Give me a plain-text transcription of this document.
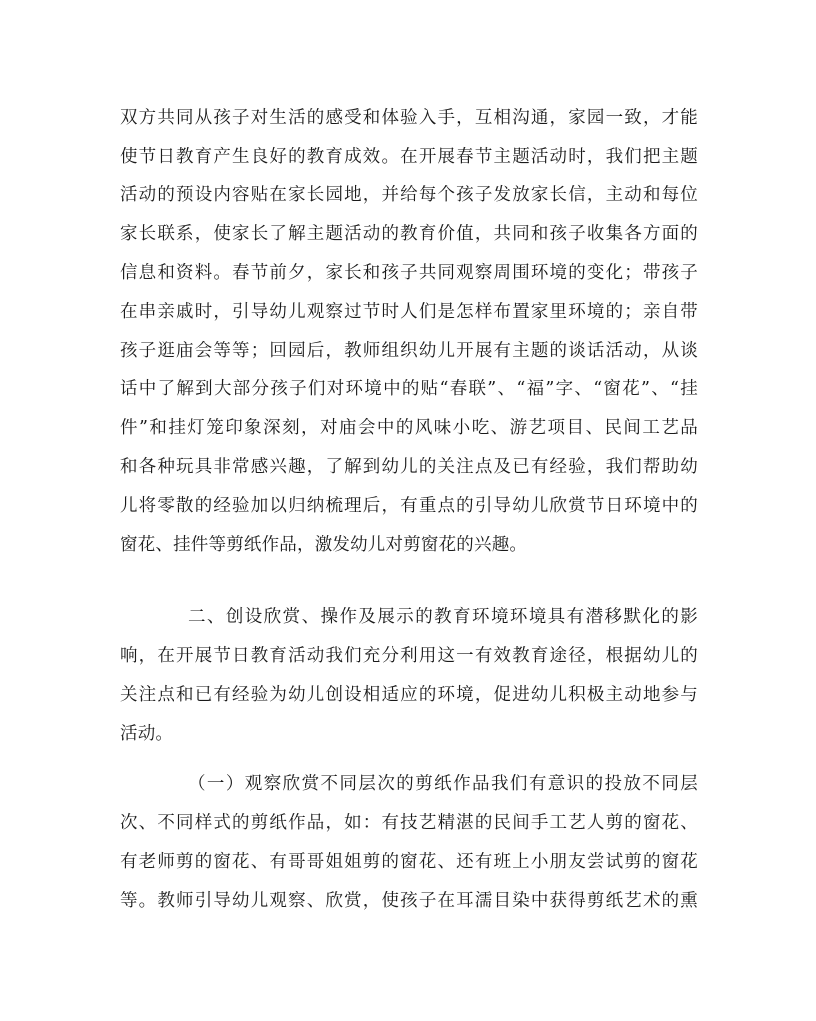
双方共同从孩子对生活的感受和体验入手，互相沟通，家园一致，才能
使节日教育产生良好的教育成效。在开展春节主题活动时，我们把主题
活动的预设内容贴在家长园地，并给每个孩子发放家长信，主动和每位
家长联系，使家长了解主题活动的教育价值，共同和孩子收集各方面的
信息和资料。春节前夕，家长和孩子共同观察周围环境的变化；带孩子
在串亲戚时，引导幼儿观察过节时人们是怎样布置家里环境的；亲自带
孩子逛庙会等等；回园后，教师组织幼儿开展有主题的谈话活动，从谈
话中了解到大部分孩子们对环境中的贴“春联”、“福”字、“窗花”、“挂
件”和挂灯笼印象深刻，对庙会中的风味小吃、游艺项目、民间工艺品
和各种玩具非常感兴趣，了解到幼儿的关注点及已有经验，我们帮助幼
儿将零散的经验加以归纳梳理后，有重点的引导幼儿欣赏节日环境中的
窗花、挂件等剪纸作品，激发幼儿对剪窗花的兴趣。
二、创设欣赏、操作及展示的教育环境环境具有潜移默化的影
响，在开展节日教育活动我们充分利用这一有效教育途径，根据幼儿的
关注点和已有经验为幼儿创设相适应的环境，促进幼儿积极主动地参与
活动。
（一）观察欣赏不同层次的剪纸作品我们有意识的投放不同层
次、不同样式的剪纸作品，如：有技艺精湛的民间手工艺人剪的窗花、
有老师剪的窗花、有哥哥姐姐剪的窗花、还有班上小朋友尝试剪的窗花
等。教师引导幼儿观察、欣赏，使孩子在耳濡目染中获得剪纸艺术的熏
